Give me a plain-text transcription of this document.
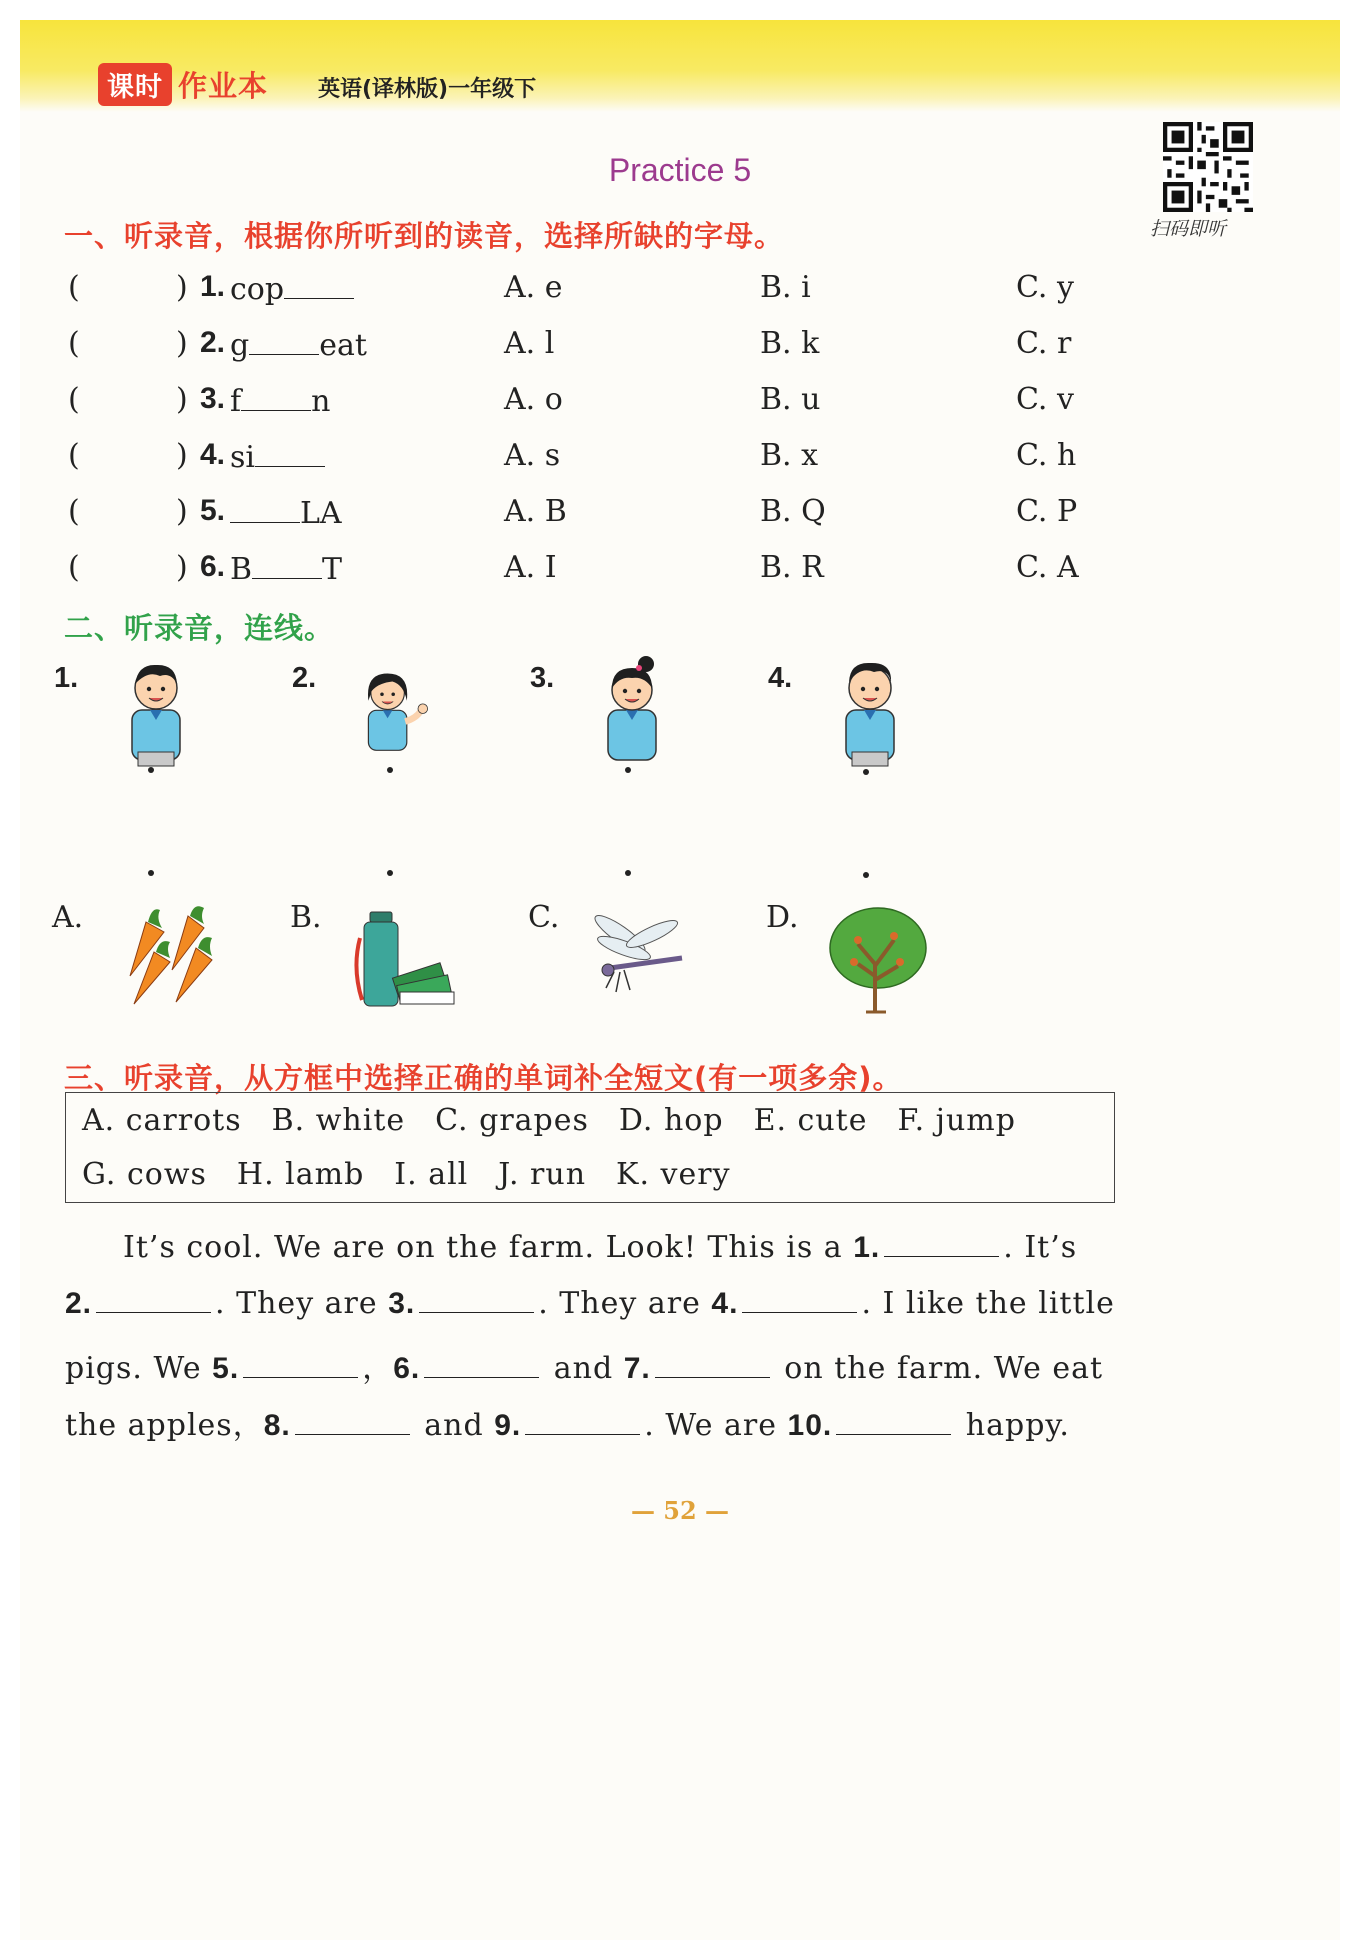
课时 作业本 英语(译林版)一年级下
Practice 5
扫码即听
一、听录音，根据你所听到的读音，选择所缺的字母。
(	) 1. cop	A. e	B. i	C. y
(	) 2. g eat	A. l	B. k	C. r
(	) 3. f n	A. o	B. u	C. v
(	) 4. si	A. s	B. x	C. h
(	) 5.	LA	A. B	B. Q	C. P
(	) 6. B T	A. I	B. R	C. A
二、听录音，连线。
1.	2.	3.	4.
A.	B.	C.	D.
三、听录音，从方框中选择正确的单词补全短文(有一项多余)。
A. carrots B. white C. grapes D. hop E. cute F. jump
G. cows H. lamb I. all J. run K. very
It’s cool. We are on the farm. Look! This is a 1.	. It’s
2.	. They are 3.	. They are 4.	. I like the little
pigs. We 5.	，6.	and 7.	on the farm. We eat
the apples，8.	and 9.	. We are 10.	happy.
— 52 —
